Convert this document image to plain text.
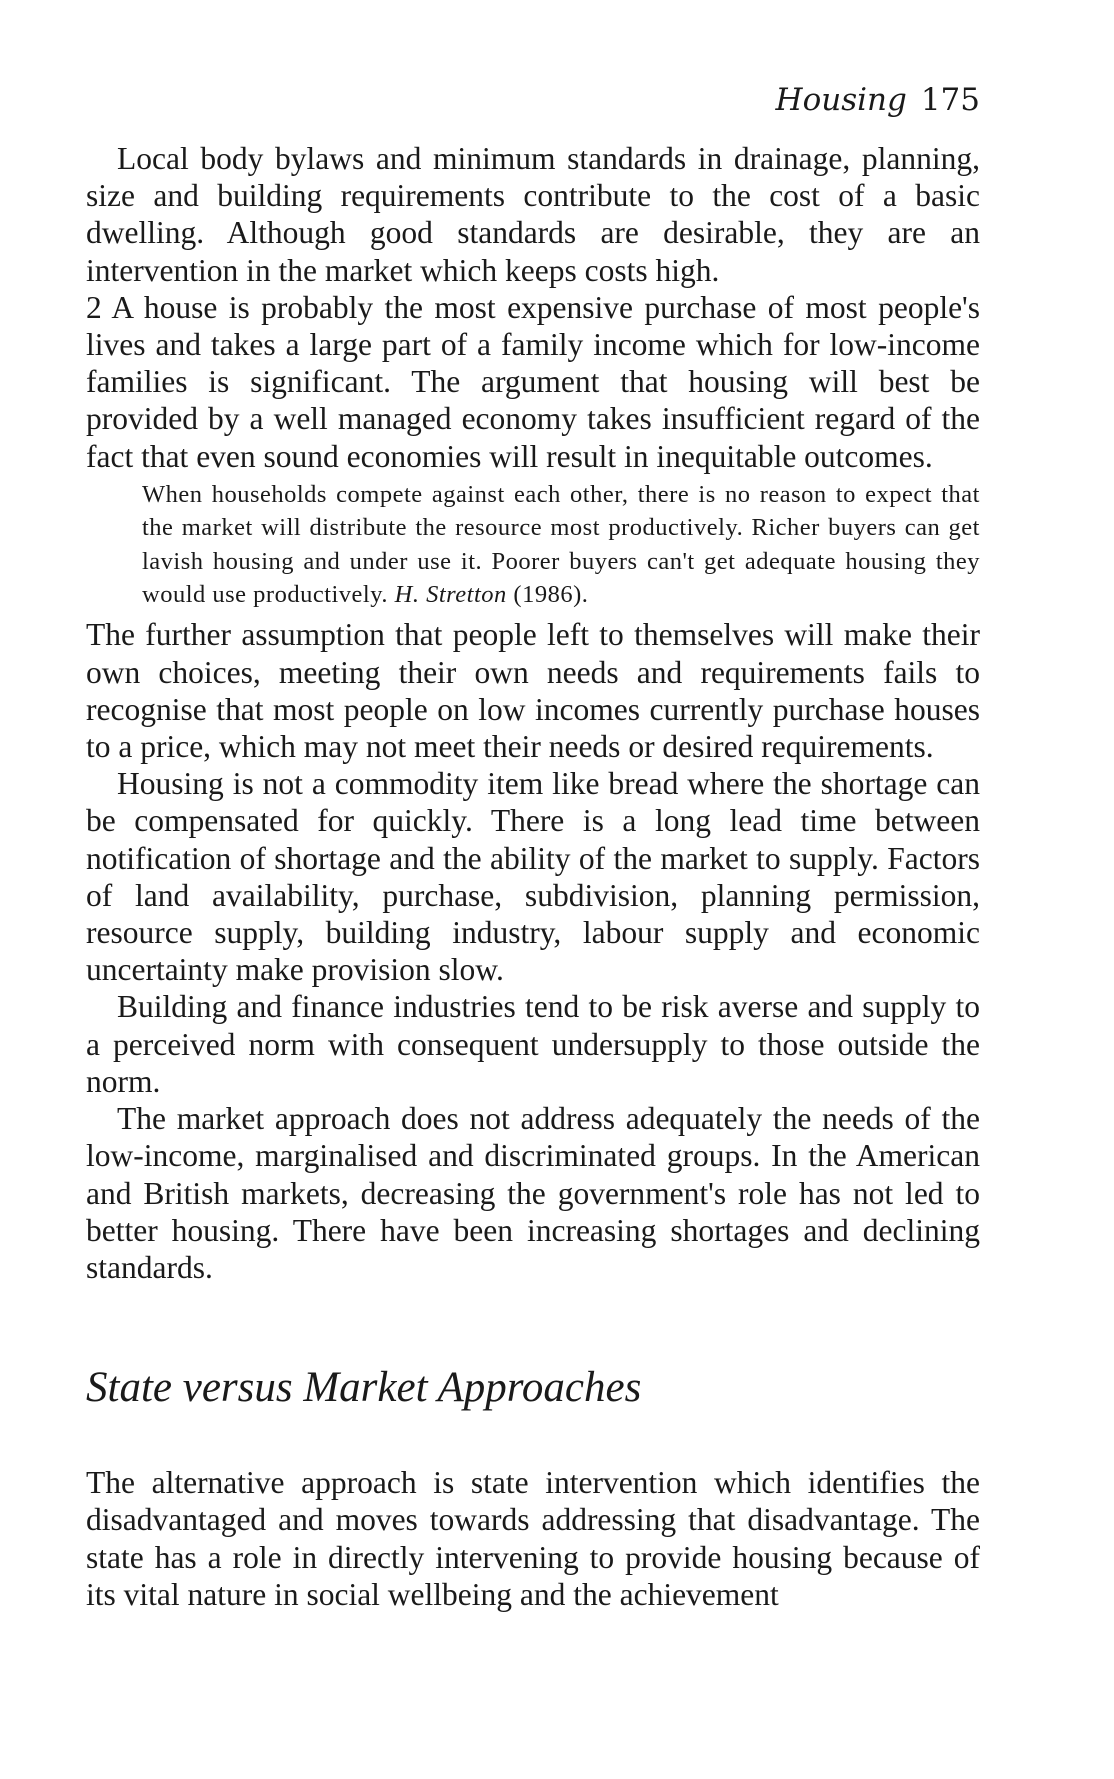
Housing 175

Local body bylaws and minimum standards in drainage, planning, size and building requirements contribute to the cost of a basic dwelling. Although good standards are desirable, they are an intervention in the market which keeps costs high.

2 A house is probably the most expensive purchase of most people's lives and takes a large part of a family income which for low-income families is significant. The argument that housing will best be provided by a well managed economy takes insufficient regard of the fact that even sound economies will result in inequitable outcomes.

When households compete against each other, there is no reason to expect that the market will distribute the resource most productively. Richer buyers can get lavish housing and under use it. Poorer buyers can't get adequate housing they would use productively. H. Stretton (1986).

The further assumption that people left to themselves will make their own choices, meeting their own needs and requirements fails to recognise that most people on low incomes currently purchase houses to a price, which may not meet their needs or desired requirements.

Housing is not a commodity item like bread where the shortage can be compensated for quickly. There is a long lead time between notification of shortage and the ability of the market to supply. Factors of land availability, purchase, subdivision, planning permission, resource supply, building industry, labour supply and economic uncertainty make provision slow.

Building and finance industries tend to be risk averse and supply to a perceived norm with consequent undersupply to those outside the norm.

The market approach does not address adequately the needs of the low-income, marginalised and discriminated groups. In the American and British markets, decreasing the government's role has not led to better housing. There have been increasing shortages and declining standards.

State versus Market Approaches

The alternative approach is state intervention which identifies the disadvantaged and moves towards addressing that disadvantage. The state has a role in directly intervening to provide housing because of its vital nature in social wellbeing and the achievement
